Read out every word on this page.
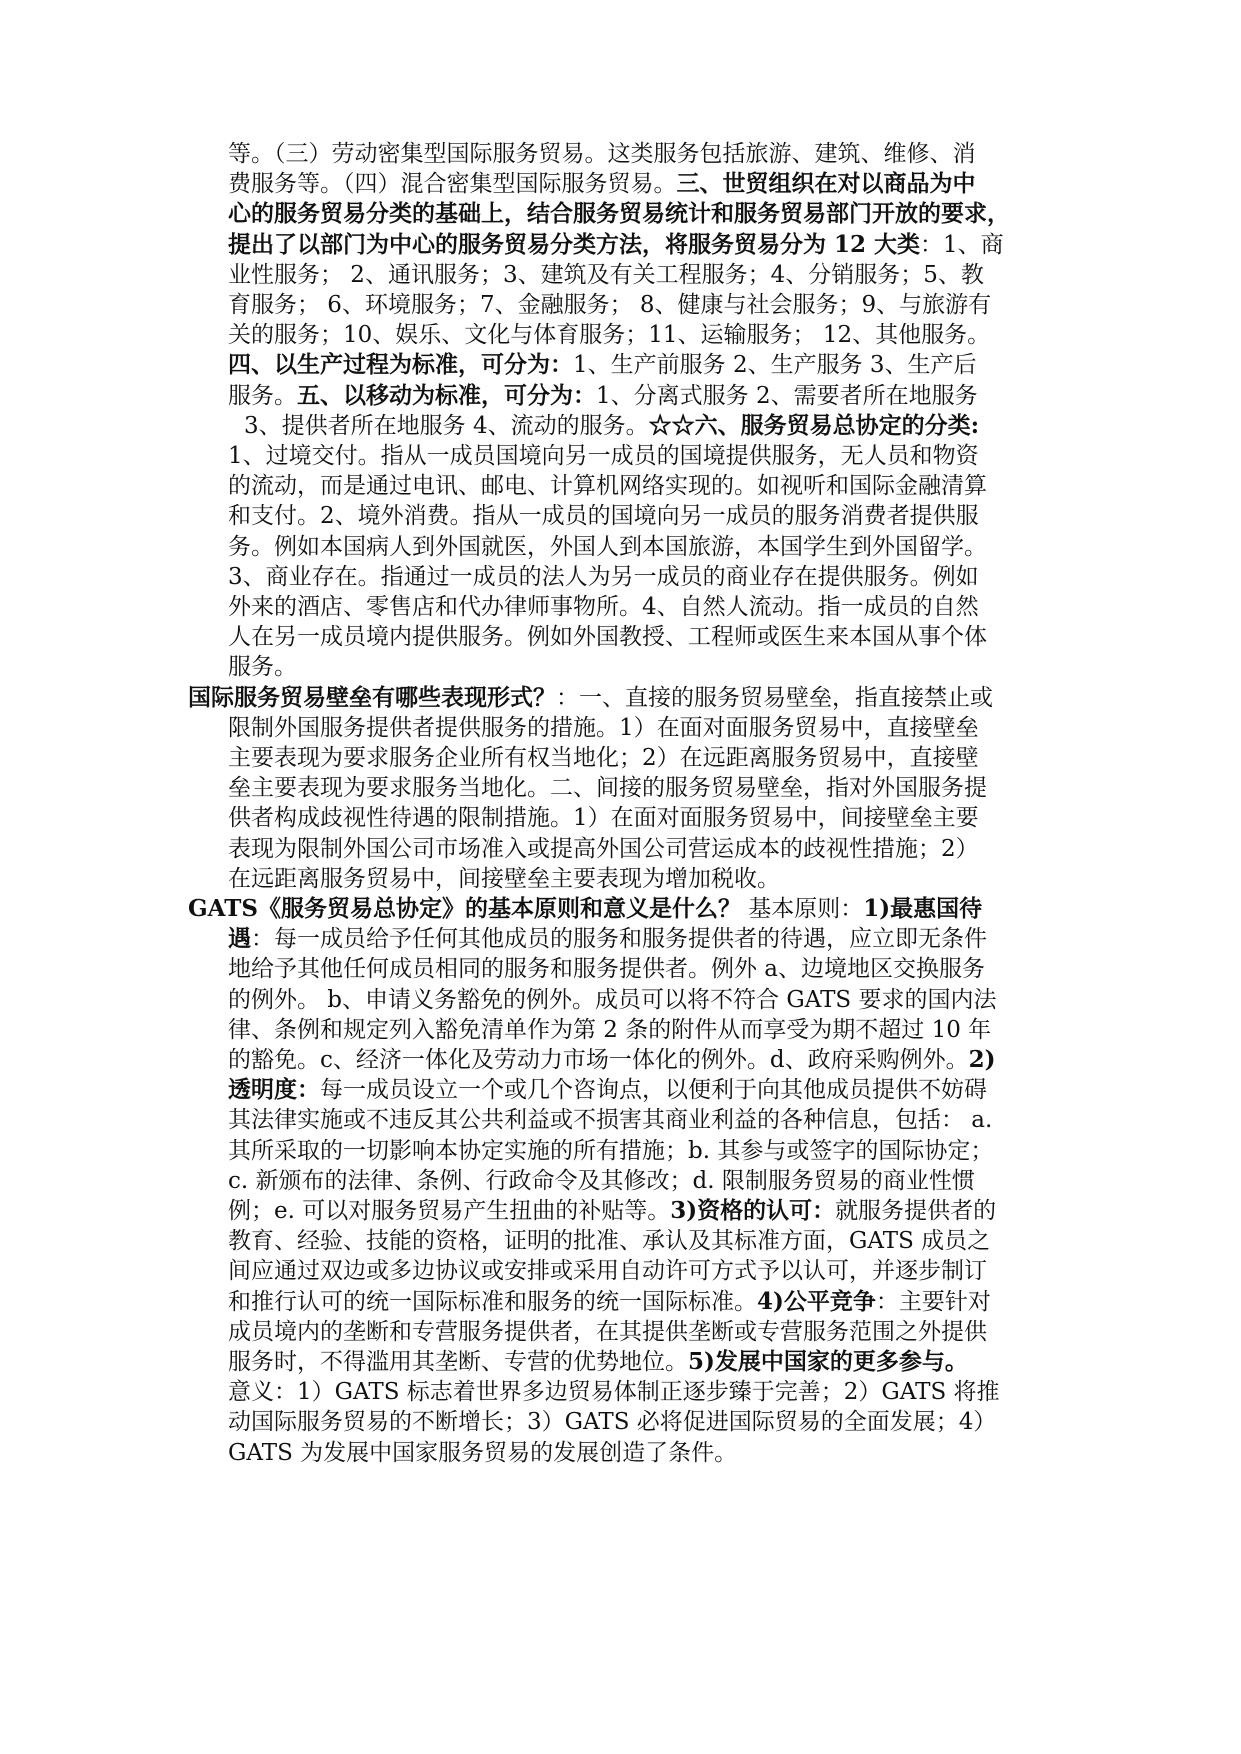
等。（三）劳动密集型国际服务贸易。这类服务包括旅游、建筑、维修、消
费服务等。（四）混合密集型国际服务贸易。三、世贸组织在对以商品为中
心的服务贸易分类的基础上，结合服务贸易统计和服务贸易部门开放的要求，
提出了以部门为中心的服务贸易分类方法，将服务贸易分为 12 大类：1、商
业性服务； 2、通讯服务；3、建筑及有关工程服务；4、分销服务；5、教
育服务； 6、环境服务；7、金融服务； 8、健康与社会服务；9、与旅游有
关的服务；10、娱乐、文化与体育服务；11、运输服务； 12、其他服务。
四、以生产过程为标准，可分为：1、生产前服务 2、生产服务 3、生产后
服务。五、以移动为标准，可分为：1、分离式服务 2、需要者所在地服务
3、提供者所在地服务 4、流动的服务。☆☆六、服务贸易总协定的分类:
1、过境交付。指从一成员国境向另一成员的国境提供服务，无人员和物资
的流动，而是通过电讯、邮电、计算机网络实现的。如视听和国际金融清算
和支付。2、境外消费。指从一成员的国境向另一成员的服务消费者提供服
务。例如本国病人到外国就医，外国人到本国旅游，本国学生到外国留学。
3、商业存在。指通过一成员的法人为另一成员的商业存在提供服务。例如
外来的酒店、零售店和代办律师事物所。4、自然人流动。指一成员的自然
人在另一成员境内提供服务。例如外国教授、工程师或医生来本国从事个体
服务。
国际服务贸易壁垒有哪些表现形式？：一、直接的服务贸易壁垒，指直接禁止或
限制外国服务提供者提供服务的措施。1）在面对面服务贸易中，直接壁垒
主要表现为要求服务企业所有权当地化；2）在远距离服务贸易中，直接壁
垒主要表现为要求服务当地化。二、间接的服务贸易壁垒，指对外国服务提
供者构成歧视性待遇的限制措施。1）在面对面服务贸易中，间接壁垒主要
表现为限制外国公司市场准入或提高外国公司营运成本的歧视性措施；2）
在远距离服务贸易中，间接壁垒主要表现为增加税收。
GATS《服务贸易总协定》的基本原则和意义是什么？ 基本原则：1)最惠国待
遇：每一成员给予任何其他成员的服务和服务提供者的待遇，应立即无条件
地给予其他任何成员相同的服务和服务提供者。例外 a、边境地区交换服务
的例外。 b、申请义务豁免的例外。成员可以将不符合 GATS 要求的国内法
律、条例和规定列入豁免清单作为第 2 条的附件从而享受为期不超过 10 年
的豁免。c、经济一体化及劳动力市场一体化的例外。d、政府采购例外。2)
透明度：每一成员设立一个或几个咨询点，以便利于向其他成员提供不妨碍
其法律实施或不违反其公共利益或不损害其商业利益的各种信息，包括： a.
其所采取的一切影响本协定实施的所有措施；b. 其参与或签字的国际协定；
c. 新颁布的法律、条例、行政命令及其修改；d. 限制服务贸易的商业性惯
例；e. 可以对服务贸易产生扭曲的补贴等。3)资格的认可：就服务提供者的
教育、经验、技能的资格，证明的批准、承认及其标准方面，GATS 成员之
间应通过双边或多边协议或安排或采用自动许可方式予以认可，并逐步制订
和推行认可的统一国际标准和服务的统一国际标准。4)公平竞争：主要针对
成员境内的垄断和专营服务提供者，在其提供垄断或专营服务范围之外提供
服务时，不得滥用其垄断、专营的优势地位。5)发展中国家的更多参与。
意义：1）GATS 标志着世界多边贸易体制正逐步臻于完善；2）GATS 将推
动国际服务贸易的不断增长；3）GATS 必将促进国际贸易的全面发展；4）
GATS 为发展中国家服务贸易的发展创造了条件。
